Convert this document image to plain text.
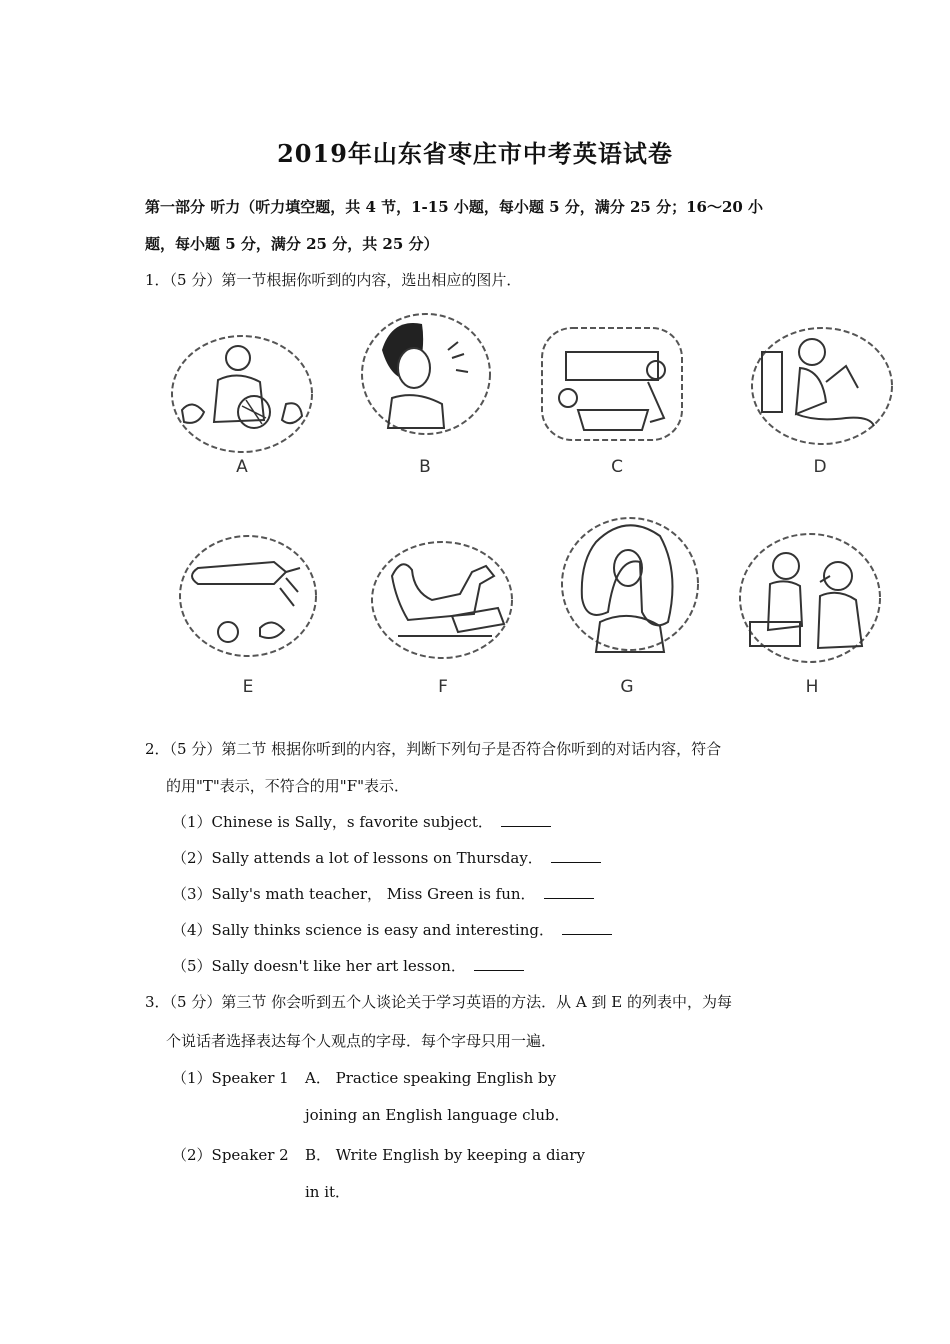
2019年山东省枣庄市中考英语试卷
第一部分 听力（听力填空题，共 4 节，1-15 小题，每小题 5 分，满分 25 分；16～20 小
题，每小题 5 分，满分 25 分，共 25 分）
1．（5 分）第一节根据你听到的内容，选出相应的图片．
A	B	C	D
E	F	G	H
2．（5 分）第二节 根据你听到的内容，判断下列句子是否符合你听到的对话内容，符合
的用"T"表示，不符合的用"F"表示．
（1）Chinese is Sally，s favorite subject．
（2）Sally attends a lot of lessons on Thursday．
（3）Sally's math teacher， Miss Green is fun．
（4）Sally thinks science is easy and interesting．
（5）Sally doesn't like her art lesson．
3．（5 分）第三节 你会听到五个人谈论关于学习英语的方法．从 A 到 E 的列表中，为每
个说话者选择表达每个人观点的字母．每个字母只用一遍．
（1）Speaker 1 A． Practice speaking English by
joining an English language club．
（2）Speaker 2 B． Write English by keeping a diary
in it．
